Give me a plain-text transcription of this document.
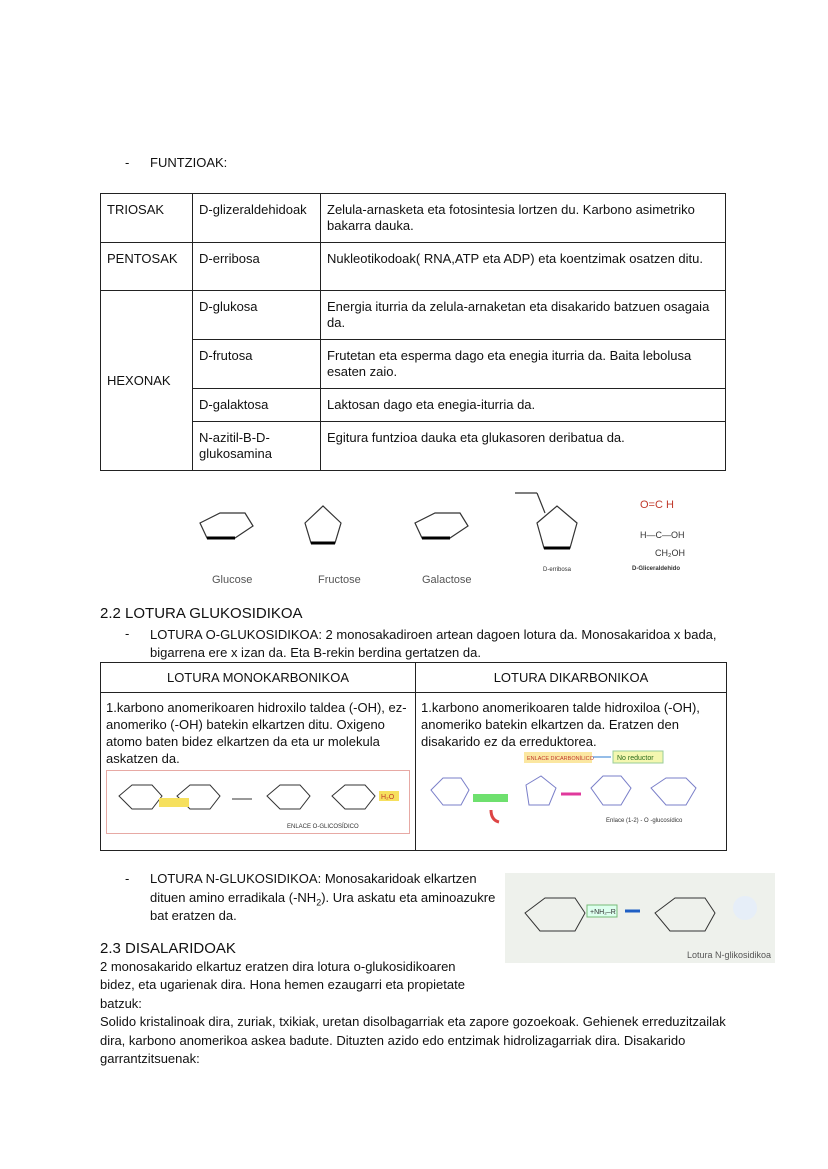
- FUNTZIOAK:
TRIOSAK	D-glizeraldehidoak	Zelula-arnasketa eta fotosintesia lortzen du. Karbono asimetriko bakarra dauka.
PENTOSAK	D-erribosa	Nukleotikodoak( RNA,ATP eta ADP) eta koentzimak osatzen ditu.
HEXONAK	D-glukosa	Energia iturria da zelula-arnaketan eta disakarido batzuen osagaia da.
	D-frutosa	Frutetan eta esperma dago eta enegia iturria da. Baita lebolusa esaten zaio.
	D-galaktosa	Laktosan dago eta enegia-iturria da.
	N-azitil-B-D-glukosamina	Egitura funtzioa dauka eta glukasoren deribatua da.
Glucose	Fructose	Galactose
D-erribosa
O=C H
H—C—OH
CH₂OH
D-Gliceraldehido
2.2 LOTURA GLUKOSIDIKOA
- LOTURA O-GLUKOSIDIKOA: 2 monosakadiroen artean dagoen lotura da. Monosakaridoa x bada, bigarrena ere x izan da. Eta B-rekin berdina gertatzen da.
LOTURA MONOKARBONIKOA	LOTURA DIKARBONIKOA

1.karbono anomerikoaren hidroxilo taldea (-OH), ez-anomeriko (-OH) batekin elkartzen ditu. Oxigeno atomo baten bidez elkartzen da eta ur molekula askatzen da.
H₂O
ENLACE O-GLICOSÍDICO	1.karbono anomerikoaren talde hidroxiloa (-OH), anomeriko batekin elkartzen da. Eratzen den disakarido ez da erreduktorea.
ENLACE DICARBONÍLICO No reductor
Enlace (1-2) - O -glucosídico
+NH₂–R
Lotura N-glikosidikoa
- LOTURA N-GLUKOSIDIKOA: Monosakaridoak elkartzen dituen amino erradikala $(-NH_2)$. Ura askatu eta aminoazukre bat eratzen da.
2.3 DISALARIDOAK
2 monosakarido elkartuz eratzen dira lotura o-glukosidikoaren bidez, eta ugarienak dira. Hona hemen ezaugarri eta propietate batzuk:
Solido kristalinoak dira, zuriak, txikiak, uretan disolbagarriak eta zapore gozoekoak. Gehienek erreduzitzailak dira, karbono anomerikoa askea badute. Dituzten azido edo entzimak hidrolizagarriak dira. Disakarido garrantzitsuenak:
